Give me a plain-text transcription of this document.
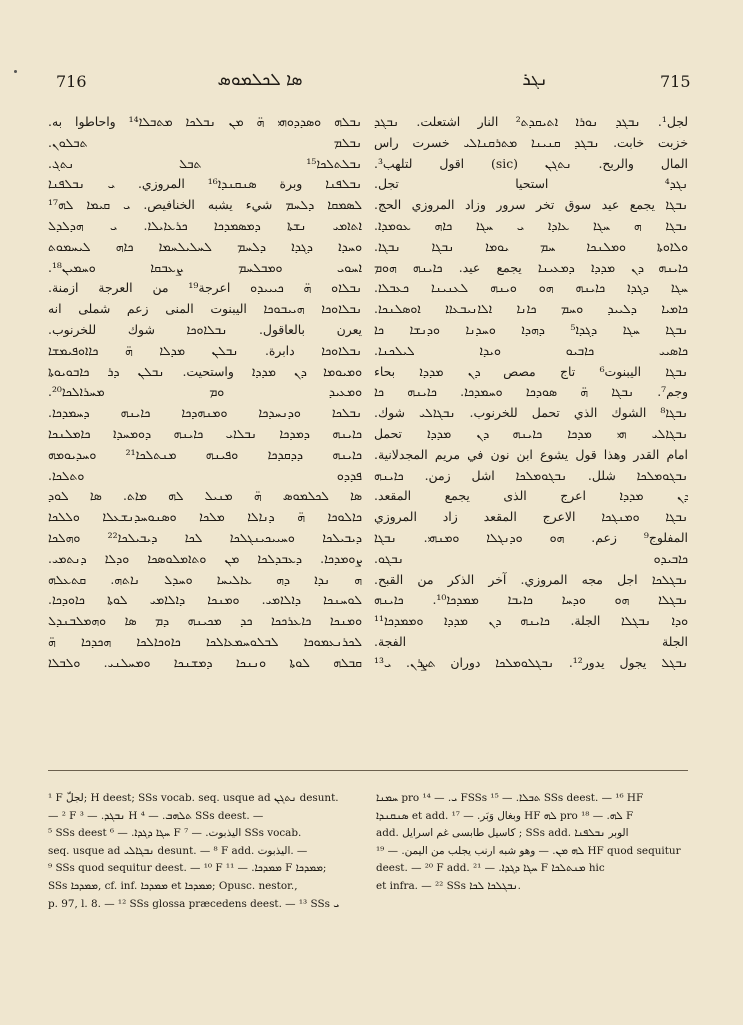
716	ܣܐ ܠܟܠܡܘܣ	ܢܓܪ	715
ܢܒܠܗ ܘܣܕܕܘܗܝ ܗ̈ ܡܢ ܢܒܠܟܐ ܡܬܒܠܐ¹⁴ واحاطوا به.
ܢܒܠܡ ܬܒܠܘܢ.
ܢܒܠܬܠܟܐ¹⁵ ܬܒܠ ܢܬܓ.
ܢܒܠܦܢܐ وبرة ܣܢܩܢܕܐ¹⁶ المروزي. ܝ ܢܒܠܦܢܐ
ܠܣܡܩܐ ܕܠܚܡ شيء يشبه الخنافيص. ܝ ܩܝܡܐ ܠܗ¹⁷
ܐܬܐܡܝ ܢܫܬܐ ܕܡܣܡܕܟܐ ܟܪܥܐܝܠܐ. ܝ ܗܕܠܕܠ
ܘܚܕܐ ܕܓܕܐ ܕܠܚܡ ܠܚܠܝܠܚܡܐ ܟܐܗ ܠܝܚܡܘܬ
ܐܚܘܝ ܘܡܒܠܚܡ ܨܥܒܩܐ ܘܚܡܝܢ¹⁸.
ܢܒܠܐܘ ܗ̈ ܟܝܝܝܕܘ اعرجة¹⁹ من العرجة ازمنة.
ܢܒܠܐܘܟܐ ܗܝܝܒܘܟܐ اليبنوت المنى زعم شملى انه
يعرن بالعاقول. ܢܒܠܐܘܟܐ شوك للخرنوب.
ܢܒܠܐܘܟܐ دابرة. ܢܒܠܢ ܡܕܠܐ ܗ̈ ܟܐܐܘܦܝܡܫܐ
ܘܡܝܘܡܐ ܕܢ ܡܕܕܐ واستحيت. ܢܒܠܢ ܕܪ ܟܐܒܘܝܘܬܐ
ܘܡܥܝܕ ܘܡ ܡܚܪܐܠܟܐ²⁰.
ܢܒܠܟܐ ܘܕܢܚܕܟܐ ܘܡܢܗܕܟܐ ܟܐܝܢܗ ܕܚܡܕܟܐ.
ܟܐܝܢܗ ܕܡܕܟܐ ܢܒܠܐܝ ܟܐܝܢܗ ܕܘܡܚܕܐ ܟܐܡܠܢܟܐ
ܟܐܝܢܗ ܕܕܩܕܟܐ ܘܦܝܢܗ ܡܢܬܠܟܐ²¹ ܘܚܕܝܘܡܗ
ܦܕܕܘ ܘܬܠܟܐ.
ܣܐ ܠܟܠܡܘܣ ܗ̈ ܡܢܝܠ ܠܗ ܡܐܬ. ܣܐ ܠܘܕ
ܟܐܠܘܟܐ ܗ̈ ܕܢܐܠܐ ܡܠܟܐ ܘܣܢܘܚܕܢܫܥܠܐ ܘܠܠܟܐ
ܕܝܒܝܠܟܐ ܘܚܝܝܟܝܢܓܠܟܐ ܠܟܐ ܕܝܒܝܠܟܐ²² ܘܗܠܟܐ
ܨܘܡܕܟܐ. ܕܥܒܕܠܟܐ ܡܢ ܘܬܐܡܠܘܣܟܐ ܘܕܠܐ ܕܢܬܡܝ.
ܗ ܢܕܐ ܕܗ ܥܐܠܝܚܐ ܘܚܕܠ ܢܐܬܗ. ܩܬܥܠܗ
ܠܘܚܢܟܐ ܕܐܠܐܡܝ. ܘܡܢܟܐ ܕܐܠܐܡܝ ܠܘܬܐ ܟܐܘܕܟܐ.
ܘܡܢܟܐ ܟܐܥܪܟܟܐ ܟܕ ܡܟܝܢܗ ܕܡ ܣܐ ܘܗܡܠܒܢܕܠ
ܠܟܪܢܥܡܘܟܐ ܠܒܠܘܚܡܥܐܠܟܐ ܟܐܘܟܐܠܟܐ ܗܟܕܟܐ ܗ̈
ܩܒܠܗ ܠܘܬܐ ܘܢܢܟܐ ܕܡܫܢܟܐ ܘܡܚܠܢܝ. ܘܠܒܠܐ
لجل¹. ܢܒܓܕ ܢܘܪܐ ܐܬܝܩܕܬ² النار اشتعلت. ܢܒܓܕ
خزبت خابت. ܢܒܓܕ ܩܢܝܢܐ ܡܬܪܩܢܐܠܝ خسرت راس
المال والربح. ܢܬܓܢ (sic) اقول لتلهب³.
ܢܓܕ⁴ استحيا تجل.
ܢܒܓܐ يجمع عيد سوق تخر سرور وزاد المروزي الحج.
ܢܒܓܐ ܗ ܚܓܐ ܥܐܕܐ ܝ ܚܓܐ ܟܐܗ ܥܘܡܕܐ.
ܘܠܐܘܬܐ ܘܡܠܢܟܐ ܚܡ ܝܘܡܐ ܢܒܓܐ ܢܒܓܐ.
ܟܐܝܢܗ ܕܢ ܡܕܕܐ ܕܡܥܝܢܐ يجمع عيد. ܟܐܝܢܗ ܗܘܡ
ܚܓܐ ܕܓܕܐ ܟܐܝܢܗ ܗܘ ܘܝܢܗ ܠܥܢܝܢܐ ܟܥܒܠܐ.
ܟܐܡܝܐ ܕܠܝܝܕ ܘܚܡ ܟܐܢܐ ܐܠܐܢܝܒܥܐܐ ܐܘܣܠܢܟܐ.
ܢܒܓܐ ܚܓܐ ܕܓܕܐ⁵ ܕܗܕܐ ܘܚܕܢܐ ܘܕܢܫܐ ܟܐ
ܟܐܣܝܝ ܟܐܒܝܘ ܘܝܕܐ ܠܝܠܟܢܐ.
ܢܒܓܐ اليبنوت⁶ تاج مصص ܕܢ ܡܕܕܐ بحاء
وجم⁷. ܢܒܓܐ ܗ̈ ܣܘܕܟܐ ܘܚܡܕܟܐ. ܟܐܝܢܗ ܟܐ
ܢܒܓܐ⁸ الشوك الذي تحمل للخرنوب. ܢܒܓܐܠܝ شوك.
ܢܒܓܐܠܝ ܗܝ ܡܕܟܐ ܟܐܝܢܗ ܕܢ ܡܕܕܐ تحمل
امام القدر وهذا قول يشوع ابن نون في مريم المجدلانية.
ܢܒܓܘܡܠܟܐ شلل. ܢܒܓܘܡܠܟܐ اشل زمن. ܟܐܝܢܗ
ܕܢ ܡܕܕܐ اعرج الذى يجمع المقعد.
ܢܒܓܐ ܘܡܢܓܟܐ الاعرج المقعد زاد المروزي
المفلوج⁹ زعم. ܗܘ ܘܕܢܓܠܐ ܘܡܢܗܝ. ܢܒܓܐ
ܟܐܒܝܕܘ ܢܒܓܘ.
ܢܒܓܠܟܐ اجل مجه المروزي. آخر الذكر من القبح.
ܢܒܓܠܐ ܗܘ ܘܕܚܐ ܟܐܝܒܐ ܡܡܕܟܐ¹⁰. ܟܐܝܢܗ
ܘܕܐ ܢܒܓܠܐ الجلة. ܟܐܝܢܗ ܕܢ ܡܕܕܐ ܘܡܡܕܟܐ¹¹
الجلة الفجة.
ܢܒܓܠ يجول يدور¹². ܢܒܓܠܘܡܠܟܐ دوران ܬܨܪܢ. ܝ¹³
¹ F لجلّ; H deest; SSs vocab. seq. usque ad ܢܬܓܢ desunt.
— ² F ܢܒܓܕ. — ³ H ܬܠܗܒ. — ⁴ SSs deest. —
⁵ SSs deest ܚܓܐ ܕܓܕܐ. — ⁶ F اليذبوت. — ⁷ SSs vocab.
seq. usque ad ܢܒܓܐܠܝ desunt. — ⁸ F add. اليذبوت. —
⁹ SSs quod sequitur deest. — ¹⁰ F ܡܡܕܟܐ. — ¹¹ F ܡܡܕܟܐ;
SSs ܡܡܕܟܐ, cf. inf. ܡܡܕܟܐ et ܡܡܕܟܐ; Opusc. nestor.,
p. 97, l. 8. — ¹² SSs glossa præcedens deest. — ¹³ SSs ܝ
ܚܡܢܐ pro ܝ. — ¹⁴ FSSs ܬܒܠܐ. — ¹⁵ SSs deest. — ¹⁶ HF
ܣܢܩܢܕܐ et add. وبغال وَبَر. — ¹⁷ HF ܠܗ pro ܠܗ. — ¹⁸ F
add. كاسيل طابسى غم اسرايل ; SSs add. الوبر ܢܒܠܦܢܐ
ܠܗ ܡܢ. — وهو شبه ارنب يجلب من اليمن. — ¹⁹ HF quod sequitur
deest. — ²⁰ F add. ܚܓܐ ܕܓܕܐ. — ²¹ F ܡܢܬܠܟܐ hic
et infra. — ²² SSs ܢܒܓܠܟܐ ܠܟܐ.
